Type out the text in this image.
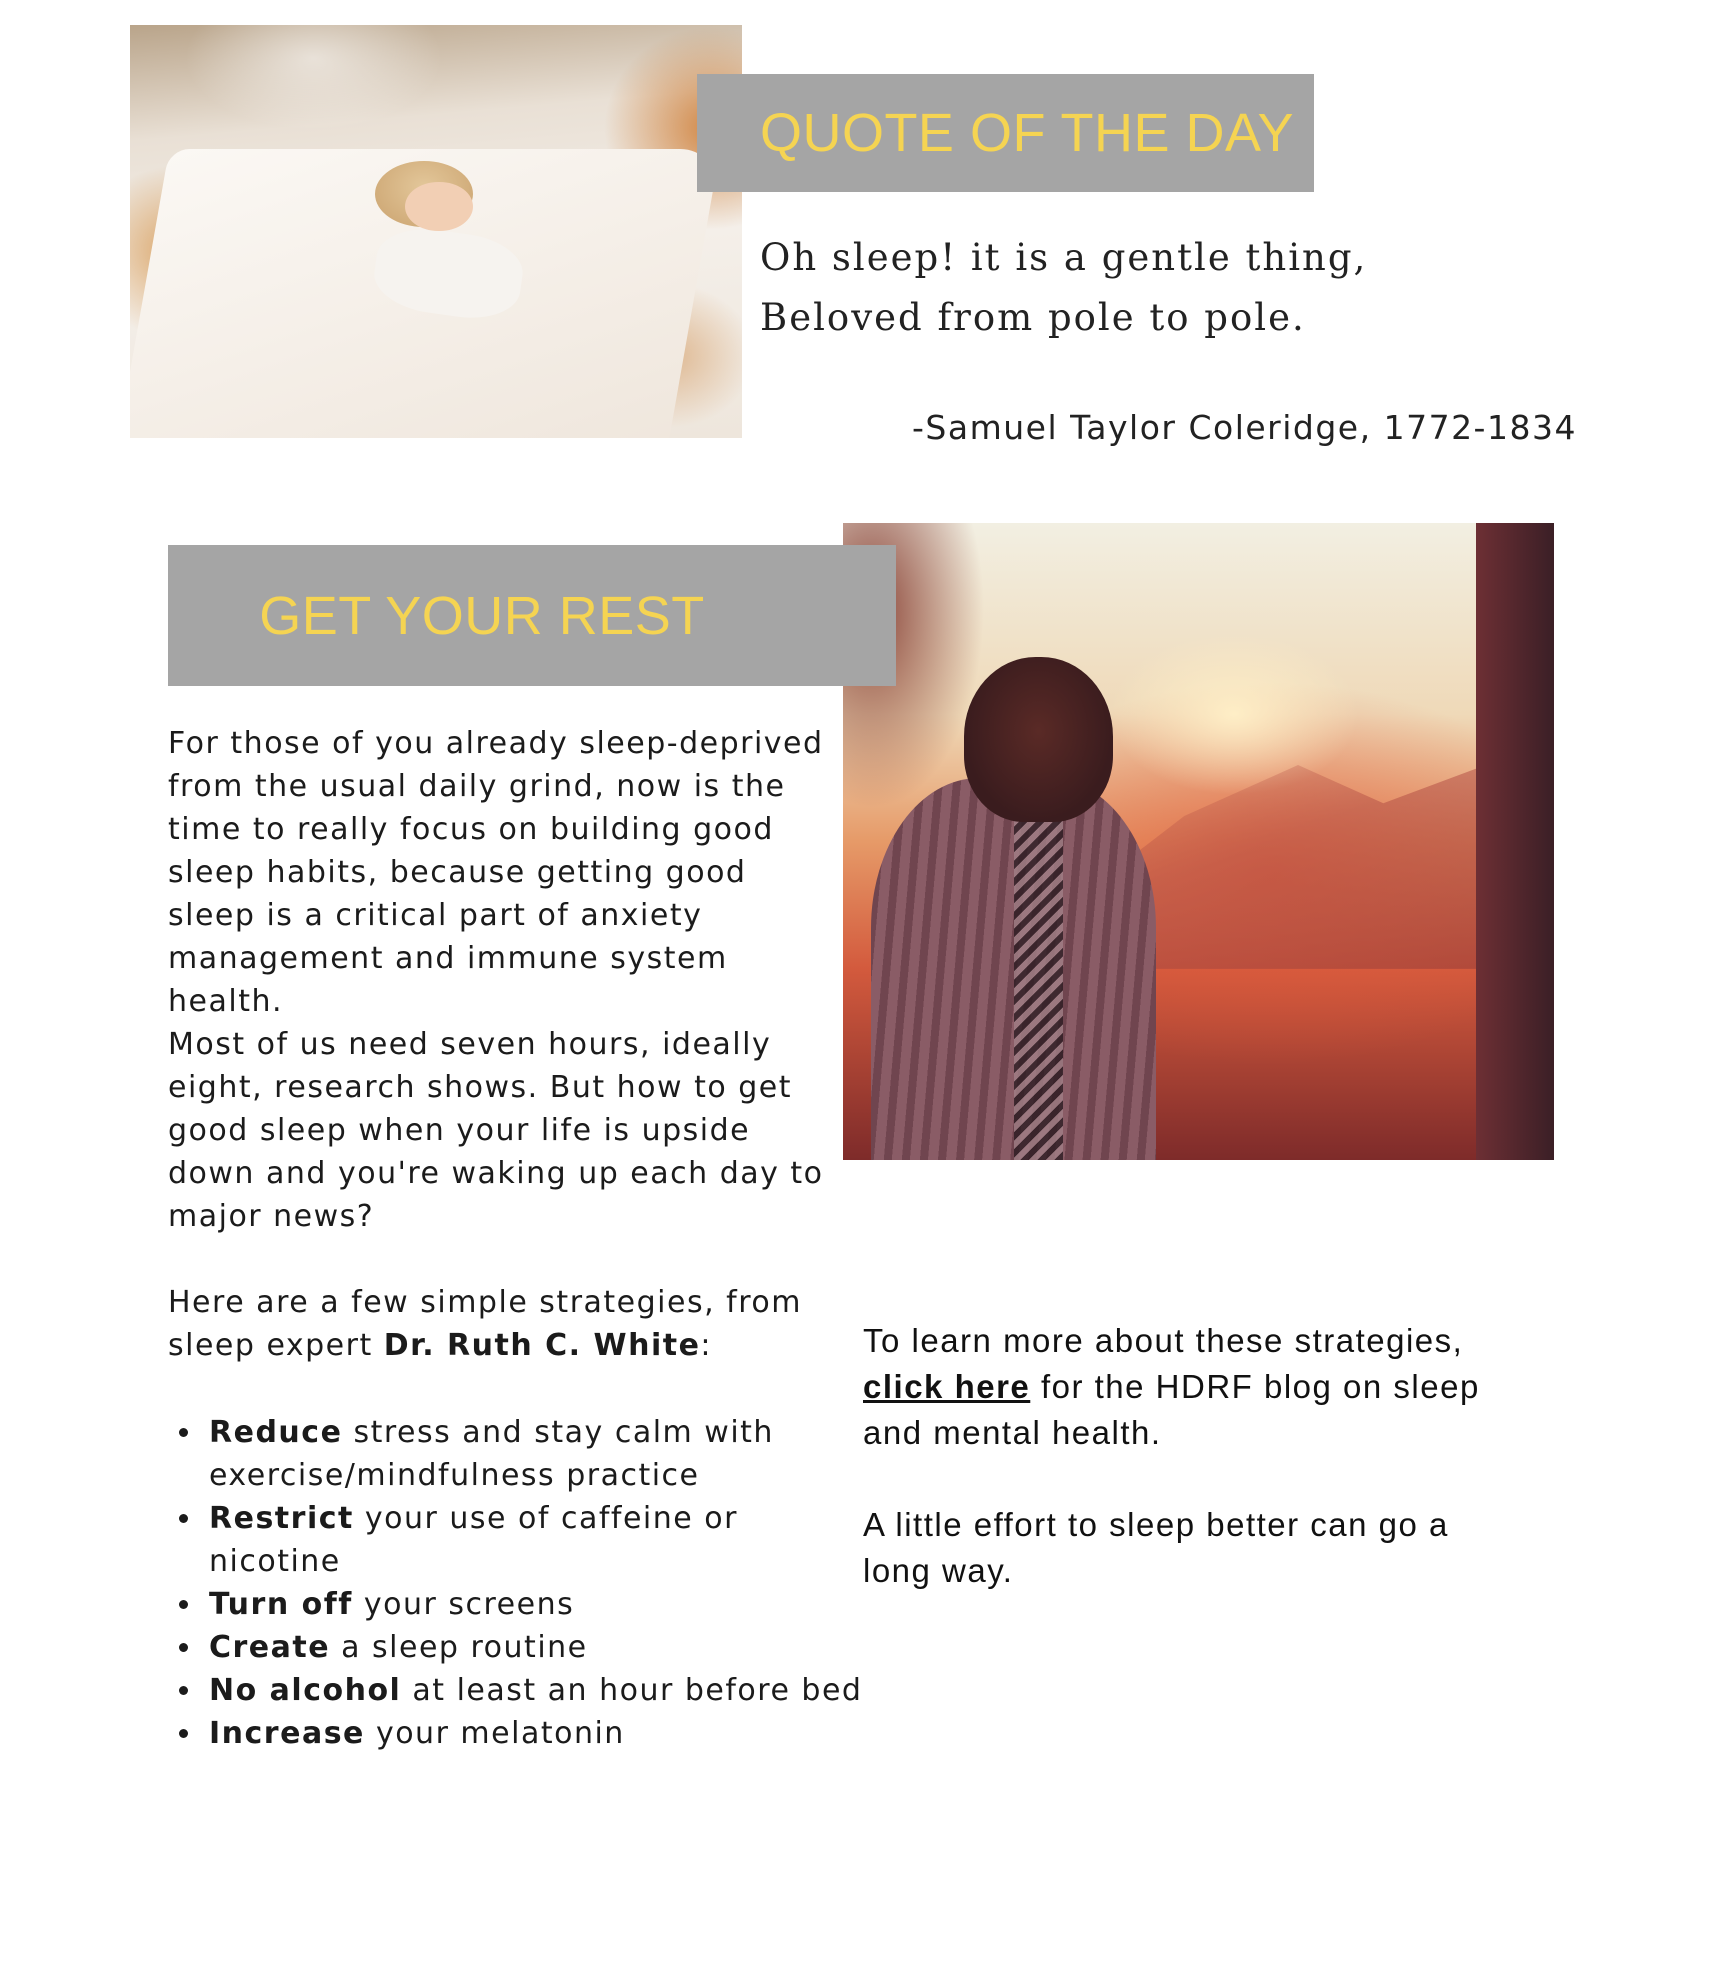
QUOTE OF THE DAY
Oh sleep! it is a gentle thing,
Beloved from pole to pole.
-Samuel Taylor Coleridge, 1772-1834
GET YOUR REST
For those of you already sleep-deprived from the usual daily grind, now is the time to really focus on building good sleep habits, because getting good sleep is a critical part of anxiety management and immune system health.
Most of us need seven hours, ideally eight, research shows. But how to get good sleep when your life is upside down and you're waking up each day to major news?
Here are a few simple strategies, from sleep expert Dr. Ruth C. White:
Reduce stress and stay calm with exercise/mindfulness practice
Restrict your use of caffeine or nicotine
Turn off your screens
Create a sleep routine
No alcohol at least an hour before bed
Increase your melatonin
To learn more about these strategies, click here for the HDRF blog on sleep and mental health.
A little effort to sleep better can go a long way.
